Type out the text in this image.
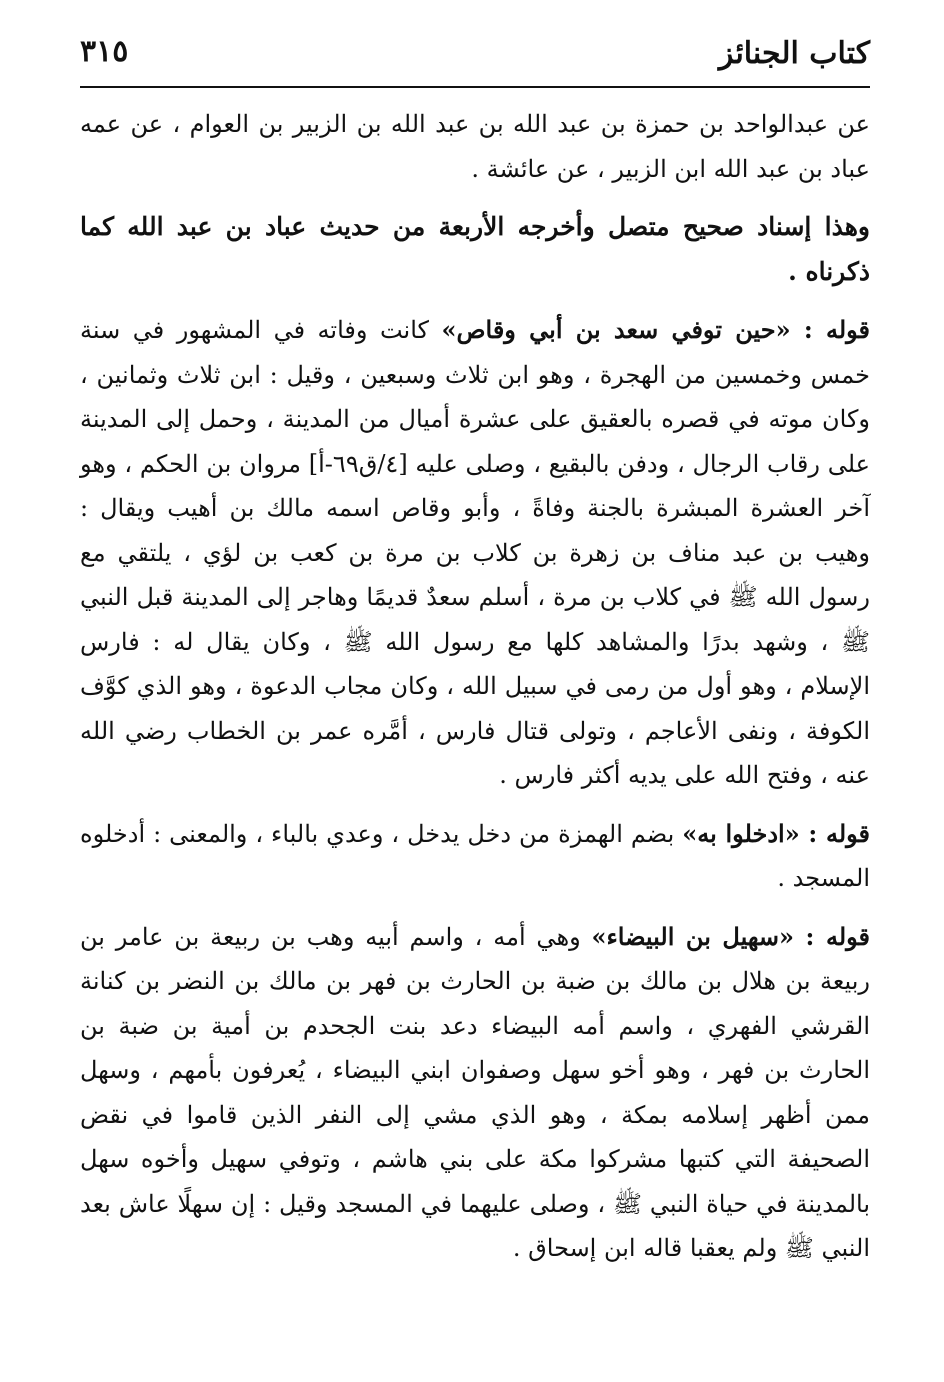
كتاب الجنائز
٣١٥

عن عبدالواحد بن حمزة بن عبد الله بن عبد الله بن الزبير بن العوام ، عن عمه عباد بن عبد الله ابن الزبير ، عن عائشة .

وهذا إسناد صحيح متصل وأخرجه الأربعة من حديث عباد بن عبد الله كما ذكرناه .

قوله : «حين توفي سعد بن أبي وقاص» كانت وفاته في المشهور في سنة خمس وخمسين من الهجرة ، وهو ابن ثلاث وسبعين ، وقيل : ابن ثلاث وثمانين ، وكان موته في قصره بالعقيق على عشرة أميال من المدينة ، وحمل إلى المدينة على رقاب الرجال ، ودفن بالبقيع ، وصلى عليه [٤/ق٦٩-أ] مروان بن الحكم ، وهو آخر العشرة المبشرة بالجنة وفاةً ، وأبو وقاص اسمه مالك بن أهيب ويقال : وهيب بن عبد مناف بن زهرة بن كلاب بن مرة بن كعب بن لؤي ، يلتقي مع رسول الله ﷺ في كلاب بن مرة ، أسلم سعدٌ قديمًا وهاجر إلى المدينة قبل النبي ﷺ ، وشهد بدرًا والمشاهد كلها مع رسول الله ﷺ ، وكان يقال له : فارس الإسلام ، وهو أول من رمى في سبيل الله ، وكان مجاب الدعوة ، وهو الذي كوَّف الكوفة ، ونفى الأعاجم ، وتولى قتال فارس ، أمَّره عمر بن الخطاب رضي الله عنه ، وفتح الله على يديه أكثر فارس .

قوله : «ادخلوا به» بضم الهمزة من دخل يدخل ، وعدي بالباء ، والمعنى : أدخلوه المسجد .

قوله : «سهيل بن البيضاء» وهي أمه ، واسم أبيه وهب بن ربيعة بن عامر بن ربيعة بن هلال بن مالك بن ضبة بن الحارث بن فهر بن مالك بن النضر بن كنانة القرشي الفهري ، واسم أمه البيضاء دعد بنت الجحدم بن أمية بن ضبة بن الحارث بن فهر ، وهو أخو سهل وصفوان ابني البيضاء ، يُعرفون بأمهم ، وسهل ممن أظهر إسلامه بمكة ، وهو الذي مشي إلى النفر الذين قاموا في نقض الصحيفة التي كتبها مشركوا مكة على بني هاشم ، وتوفي سهيل وأخوه سهل بالمدينة في حياة النبي ﷺ ، وصلى عليهما في المسجد وقيل : إن سهلًا عاش بعد النبي ﷺ ولم يعقبا قاله ابن إسحاق .
